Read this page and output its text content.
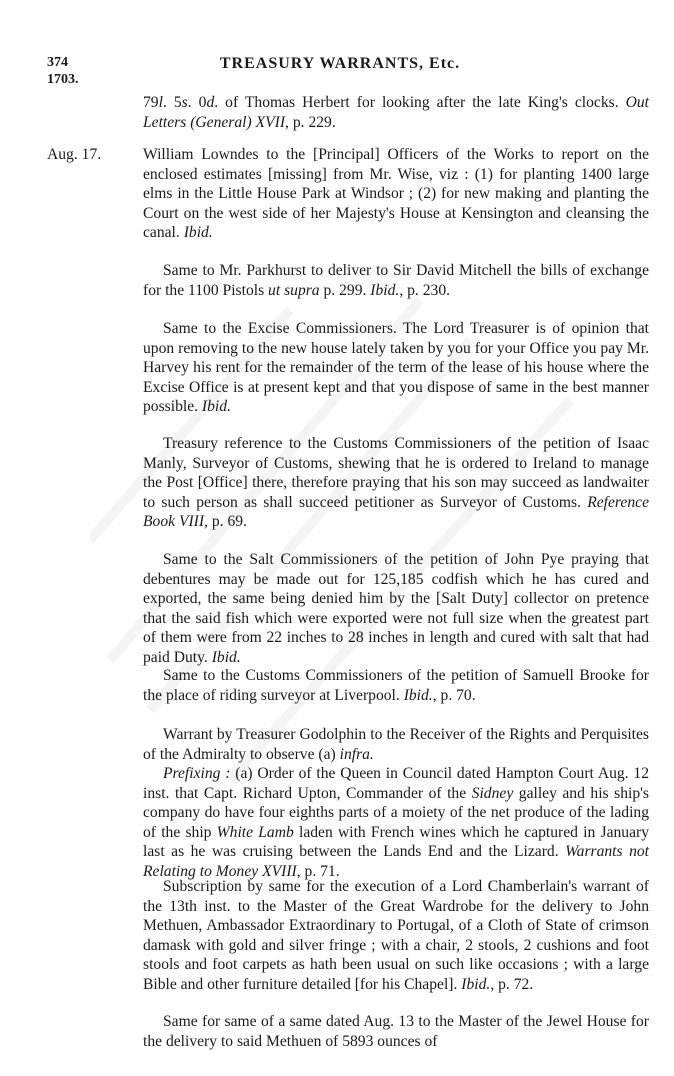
374
1703.
TREASURY WARRANTS, Etc.
79l. 5s. 0d. of Thomas Herbert for looking after the late King's clocks. Out Letters (General) XVII, p. 229.
Aug. 17.	William Lowndes to the [Principal] Officers of the Works to report on the enclosed estimates [missing] from Mr. Wise, viz : (1) for planting 1400 large elms in the Little House Park at Windsor ; (2) for new making and planting the Court on the west side of her Majesty's House at Kensington and cleansing the canal. Ibid.
Same to Mr. Parkhurst to deliver to Sir David Mitchell the bills of exchange for the 1100 Pistols ut supra p. 299. Ibid., p. 230.
Same to the Excise Commissioners. The Lord Treasurer is of opinion that upon removing to the new house lately taken by you for your Office you pay Mr. Harvey his rent for the remainder of the term of the lease of his house where the Excise Office is at present kept and that you dispose of same in the best manner possible. Ibid.
Treasury reference to the Customs Commissioners of the petition of Isaac Manly, Surveyor of Customs, shewing that he is ordered to Ireland to manage the Post [Office] there, therefore praying that his son may succeed as landwaiter to such person as shall succeed petitioner as Surveyor of Customs. Reference Book VIII, p. 69.
Same to the Salt Commissioners of the petition of John Pye praying that debentures may be made out for 125,185 codfish which he has cured and exported, the same being denied him by the [Salt Duty] collector on pretence that the said fish which were exported were not full size when the greatest part of them were from 22 inches to 28 inches in length and cured with salt that had paid Duty. Ibid.
Same to the Customs Commissioners of the petition of Samuell Brooke for the place of riding surveyor at Liverpool. Ibid., p. 70.
Warrant by Treasurer Godolphin to the Receiver of the Rights and Perquisites of the Admiralty to observe (a) infra.
Prefixing : (a) Order of the Queen in Council dated Hampton Court Aug. 12 inst. that Capt. Richard Upton, Commander of the Sidney galley and his ship's company do have four eighths parts of a moiety of the net produce of the lading of the ship White Lamb laden with French wines which he captured in January last as he was cruising between the Lands End and the Lizard. Warrants not Relating to Money XVIII, p. 71.
Subscription by same for the execution of a Lord Chamberlain's warrant of the 13th inst. to the Master of the Great Wardrobe for the delivery to John Methuen, Ambassador Extraordinary to Portugal, of a Cloth of State of crimson damask with gold and silver fringe ; with a chair, 2 stools, 2 cushions and foot stools and foot carpets as hath been usual on such like occasions ; with a large Bible and other furniture detailed [for his Chapel]. Ibid., p. 72.
Same for same of a same dated Aug. 13 to the Master of the Jewel House for the delivery to said Methuen of 5893 ounces of
